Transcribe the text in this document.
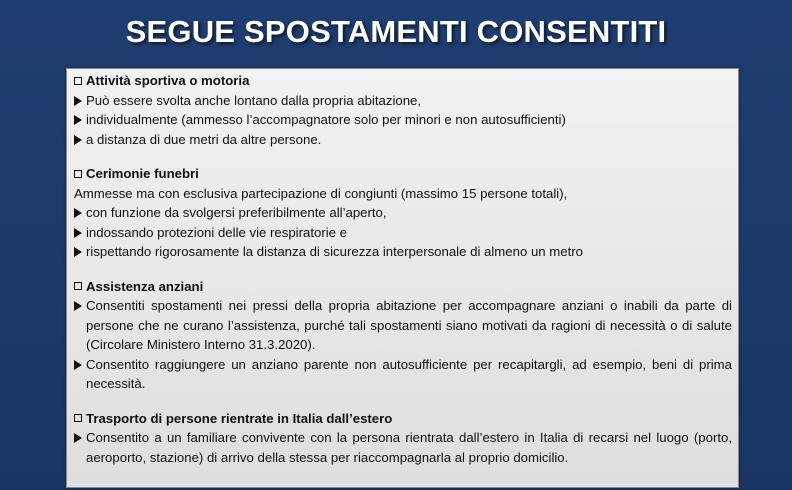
SEGUE SPOSTAMENTI CONSENTITI
Attività sportiva o motoria
Può essere svolta anche lontano dalla propria abitazione,
individualmente (ammesso l’accompagnatore solo per minori e non autosufficienti)
a distanza di due metri da altre persone.
Cerimonie funebri
Ammesse ma con esclusiva partecipazione di congiunti (massimo 15 persone totali),
con funzione da svolgersi preferibilmente all’aperto,
indossando protezioni delle vie respiratorie e
rispettando rigorosamente la distanza di sicurezza interpersonale di almeno un metro
Assistenza anziani
Consentiti spostamenti nei pressi della propria abitazione per accompagnare anziani o inabili da parte di persone che ne curano l’assistenza, purché tali spostamenti siano motivati da ragioni di necessità o di salute (Circolare Ministero Interno 31.3.2020).
Consentito raggiungere un anziano parente non autosufficiente per recapitargli, ad esempio, beni di prima necessità.
Trasporto di persone rientrate in Italia dall’estero
Consentito a un familiare convivente con la persona rientrata dall’estero in Italia di recarsi nel luogo (porto, aeroporto, stazione) di arrivo della stessa per riaccompagnarla al proprio domicilio.
